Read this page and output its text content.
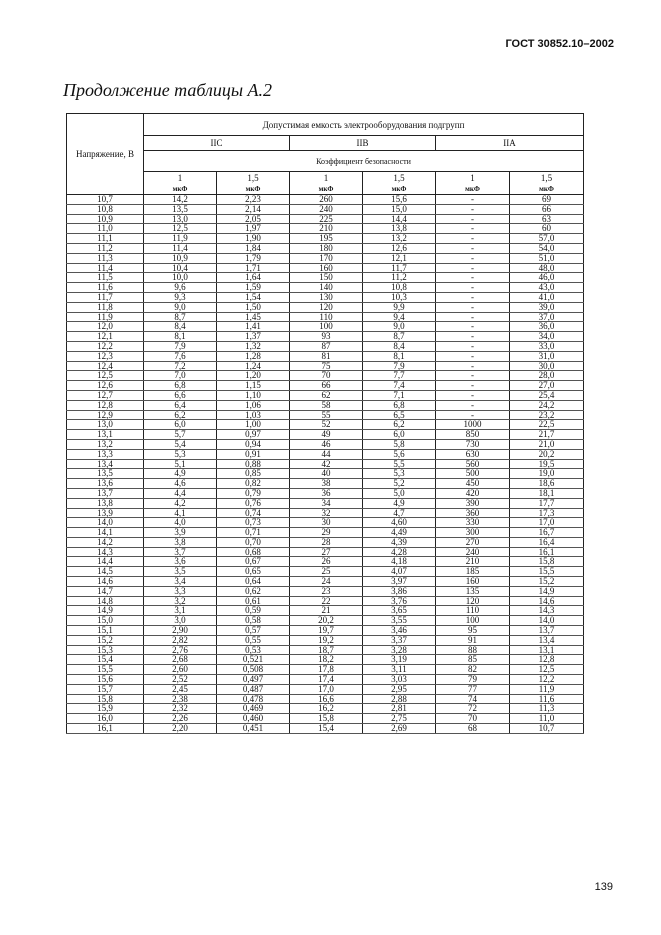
ГОСТ 30852.10–2002
Продолжение таблицы А.2
Напряжение, В	Допустимая емкость электрооборудования подгрупп					
	IIC		IIB		IIA	
	Коэффициент безопасности					
	1	1,5	1	1,5	1	1,5
	мкФ	мкФ	мкФ	мкФ	мкФ	мкФ
10,7	14,2	2,23	260	15,6	-	69
10,8	13,5	2,14	240	15,0	-	66
10,9	13,0	2,05	225	14,4	-	63
11,0	12,5	1,97	210	13,8	-	60
11,1	11,9	1,90	195	13,2	-	57,0
11,2	11,4	1,84	180	12,6	-	54,0
11,3	10,9	1,79	170	12,1	-	51,0
11,4	10,4	1,71	160	11,7	-	48,0
11,5	10,0	1,64	150	11,2	-	46,0
11,6	9,6	1,59	140	10,8	-	43,0
11,7	9,3	1,54	130	10,3	-	41,0
11,8	9,0	1,50	120	9,9	-	39,0
11,9	8,7	1,45	110	9,4	-	37,0
12,0	8,4	1,41	100	9,0	-	36,0
12,1	8,1	1,37	93	8,7	-	34,0
12,2	7,9	1,32	87	8,4	-	33,0
12,3	7,6	1,28	81	8,1	-	31,0
12,4	7,2	1,24	75	7,9	-	30,0
12,5	7,0	1,20	70	7,7	-	28,0
12,6	6,8	1,15	66	7,4	-	27,0
12,7	6,6	1,10	62	7,1	-	25,4
12,8	6,4	1,06	58	6,8	-	24,2
12,9	6,2	1,03	55	6,5	-	23,2
13,0	6,0	1,00	52	6,2	1000	22,5
13,1	5,7	0,97	49	6,0	850	21,7
13,2	5,4	0,94	46	5,8	730	21,0
13,3	5,3	0,91	44	5,6	630	20,2
13,4	5,1	0,88	42	5,5	560	19,5
13,5	4,9	0,85	40	5,3	500	19,0
13,6	4,6	0,82	38	5,2	450	18,6
13,7	4,4	0,79	36	5,0	420	18,1
13,8	4,2	0,76	34	4,9	390	17,7
13,9	4,1	0,74	32	4,7	360	17,3
14,0	4,0	0,73	30	4,60	330	17,0
14,1	3,9	0,71	29	4,49	300	16,7
14,2	3,8	0,70	28	4,39	270	16,4
14,3	3,7	0,68	27	4,28	240	16,1
14,4	3,6	0,67	26	4,18	210	15,8
14,5	3,5	0,65	25	4,07	185	15,5
14,6	3,4	0,64	24	3,97	160	15,2
14,7	3,3	0,62	23	3,86	135	14,9
14,8	3,2	0,61	22	3,76	120	14,6
14,9	3,1	0,59	21	3,65	110	14,3
15,0	3,0	0,58	20,2	3,55	100	14,0
15,1	2,90	0,57	19,7	3,46	95	13,7
15,2	2,82	0,55	19,2	3,37	91	13,4
15,3	2,76	0,53	18,7	3,28	88	13,1
15,4	2,68	0,521	18,2	3,19	85	12,8
15,5	2,60	0,508	17,8	3,11	82	12,5
15,6	2,52	0,497	17,4	3,03	79	12,2
15,7	2,45	0,487	17,0	2,95	77	11,9
15,8	2,38	0,478	16,6	2,88	74	11,6
15,9	2,32	0,469	16,2	2,81	72	11,3
16,0	2,26	0,460	15,8	2,75	70	11,0
16,1	2,20	0,451	15,4	2,69	68	10,7
139
